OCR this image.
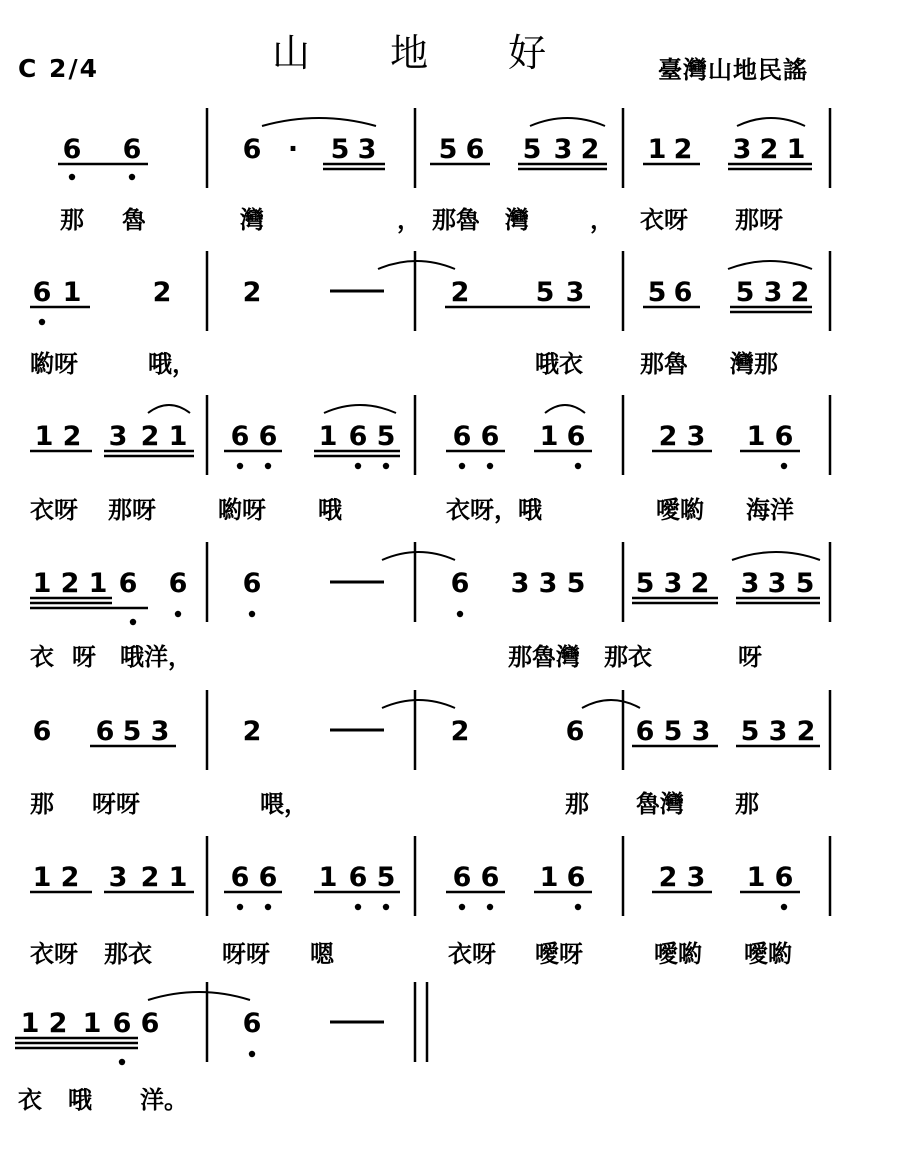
C 2/4	山 地 好	臺灣山地民謠
6 6	6 · 5 3 5 6 5 3 2 1 2 3 2 1
6 1	2	2	2 5 3 5 6 5 3 2
1 2 3 2 1 6 6 1 6 5 6 6 1 6	2 3 1 6
1 2 1 6 6 6	6 3 3 5 5 3 2 3 3 5
6 6 5 3	2	2	6 6 5 3 5 3 2
1 2 3 2 1 6 6 1 6 5 6 6 1 6	2 3 1 6
1 2 1 6 6	6
那 魯	灣	， 那魯 灣	， 衣呀 那呀
喲呀	哦，	哦衣 那魯 灣那
衣呀 那呀	喲呀 哦	衣呀，哦	噯喲 海洋
衣 呀 哦洋，	那魯灣 那衣	呀
那 呀呀	喂，	那 魯灣 那
衣呀 那衣	呀呀 嗯	衣呀 噯呀	噯喲 噯喲
衣 哦 洋。
